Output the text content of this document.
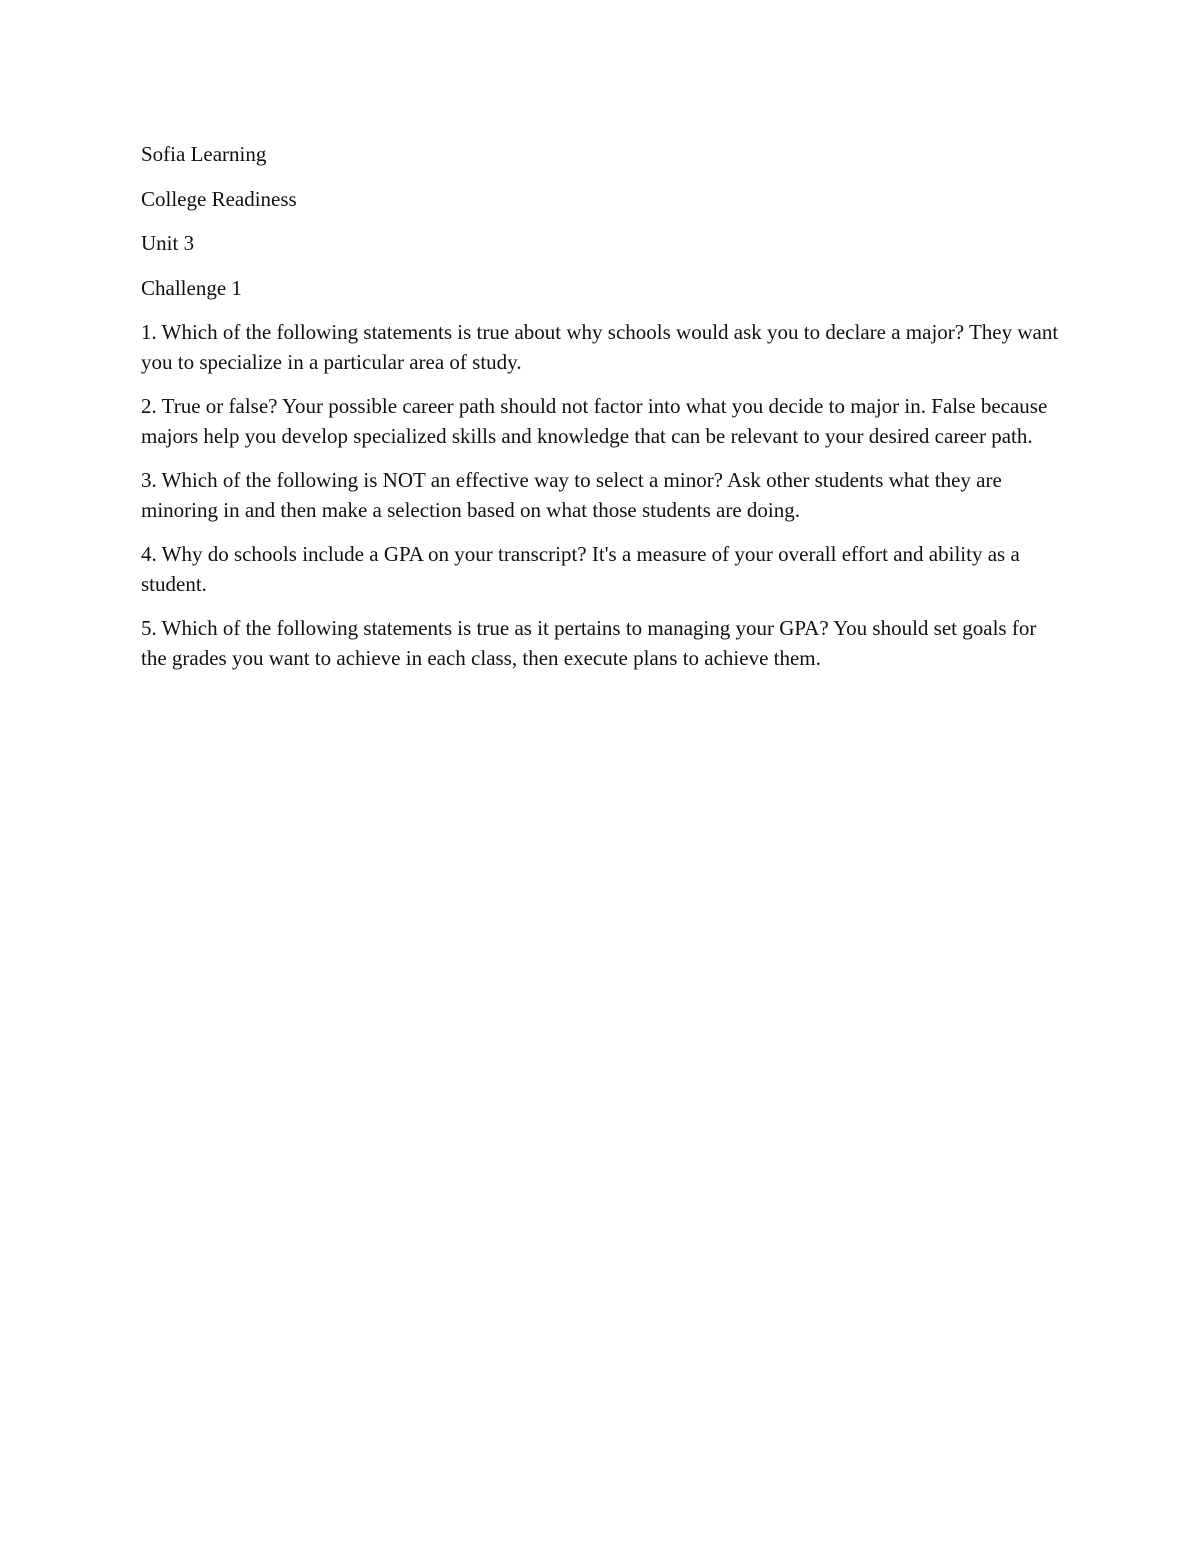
Sofia Learning

College Readiness

Unit 3

Challenge 1

1. Which of the following statements is true about why schools would ask you to declare a major? They want you to specialize in a particular area of study.

2. True or false? Your possible career path should not factor into what you decide to major in. False because majors help you develop specialized skills and knowledge that can be relevant to your desired career path.

3. Which of the following is NOT an effective way to select a minor? Ask other students what they are minoring in and then make a selection based on what those students are doing.

4. Why do schools include a GPA on your transcript? It's a measure of your overall effort and ability as a student.

5. Which of the following statements is true as it pertains to managing your GPA? You should set goals for the grades you want to achieve in each class, then execute plans to achieve them.
